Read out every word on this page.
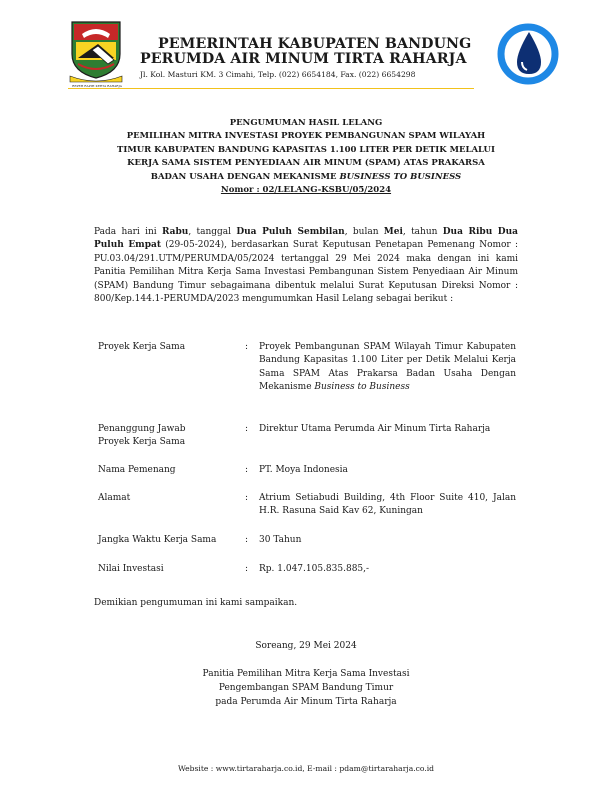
REPEH RAPIH KERTA RAHARJA
PEMERINTAH KABUPATEN BANDUNG
PERUMDA AIR MINUM TIRTA RAHARJA
Jl. Kol. Masturi KM. 3 Cimahi, Telp. (022) 6654184, Fax. (022) 6654298
PENGUMUMAN HASIL LELANG
PEMILIHAN MITRA INVESTASI PROYEK PEMBANGUNAN SPAM WILAYAH
TIMUR KABUPATEN BANDUNG KAPASITAS 1.100 LITER PER DETIK MELALUI
KERJA SAMA SISTEM PENYEDIAAN AIR MINUM (SPAM) ATAS PRAKARSA
BADAN USAHA DENGAN MEKANISME BUSINESS TO BUSINESS
Nomor : 02/LELANG-KSBU/05/2024
Pada hari ini Rabu, tanggal Dua Puluh Sembilan, bulan Mei, tahun Dua Ribu Dua Puluh Empat (29-05-2024), berdasarkan Surat Keputusan Penetapan Pemenang Nomor : PU.03.04/291.UTM/PERUMDA/05/2024 tertanggal 29 Mei 2024 maka dengan ini kami Panitia Pemilihan Mitra Kerja Sama Investasi Pembangunan Sistem Penyediaan Air Minum (SPAM) Bandung Timur sebagaimana dibentuk melalui Surat Keputusan Direksi Nomor : 800/Kep.144.1-PERUMDA/2023 mengumumkan Hasil Lelang sebagai berikut :
Proyek Kerja Sama	: Proyek Pembangunan SPAM Wilayah Timur Kabupaten Bandung Kapasitas 1.100 Liter per Detik Melalui Kerja Sama SPAM Atas Prakarsa Badan Usaha Dengan Mekanisme Business to Business
Penanggung Jawab
Proyek Kerja Sama
: Direktur Utama Perumda Air Minum Tirta Raharja
Nama Pemenang	: PT. Moya Indonesia
Alamat	: Atrium Setiabudi Building, 4th Floor Suite 410, Jalan H.R. Rasuna Said Kav 62, Kuningan
Jangka Waktu Kerja Sama	: 30 Tahun
Nilai Investasi	: Rp. 1.047.105.835.885,-
Demikian pengumuman ini kami sampaikan.
Soreang, 29 Mei 2024
Panitia Pemilihan Mitra Kerja Sama Investasi
Pengembangan SPAM Bandung Timur
pada Perumda Air Minum Tirta Raharja
Website : www.tirtaraharja.co.id, E-mail : pdam@tirtaraharja.co.id
